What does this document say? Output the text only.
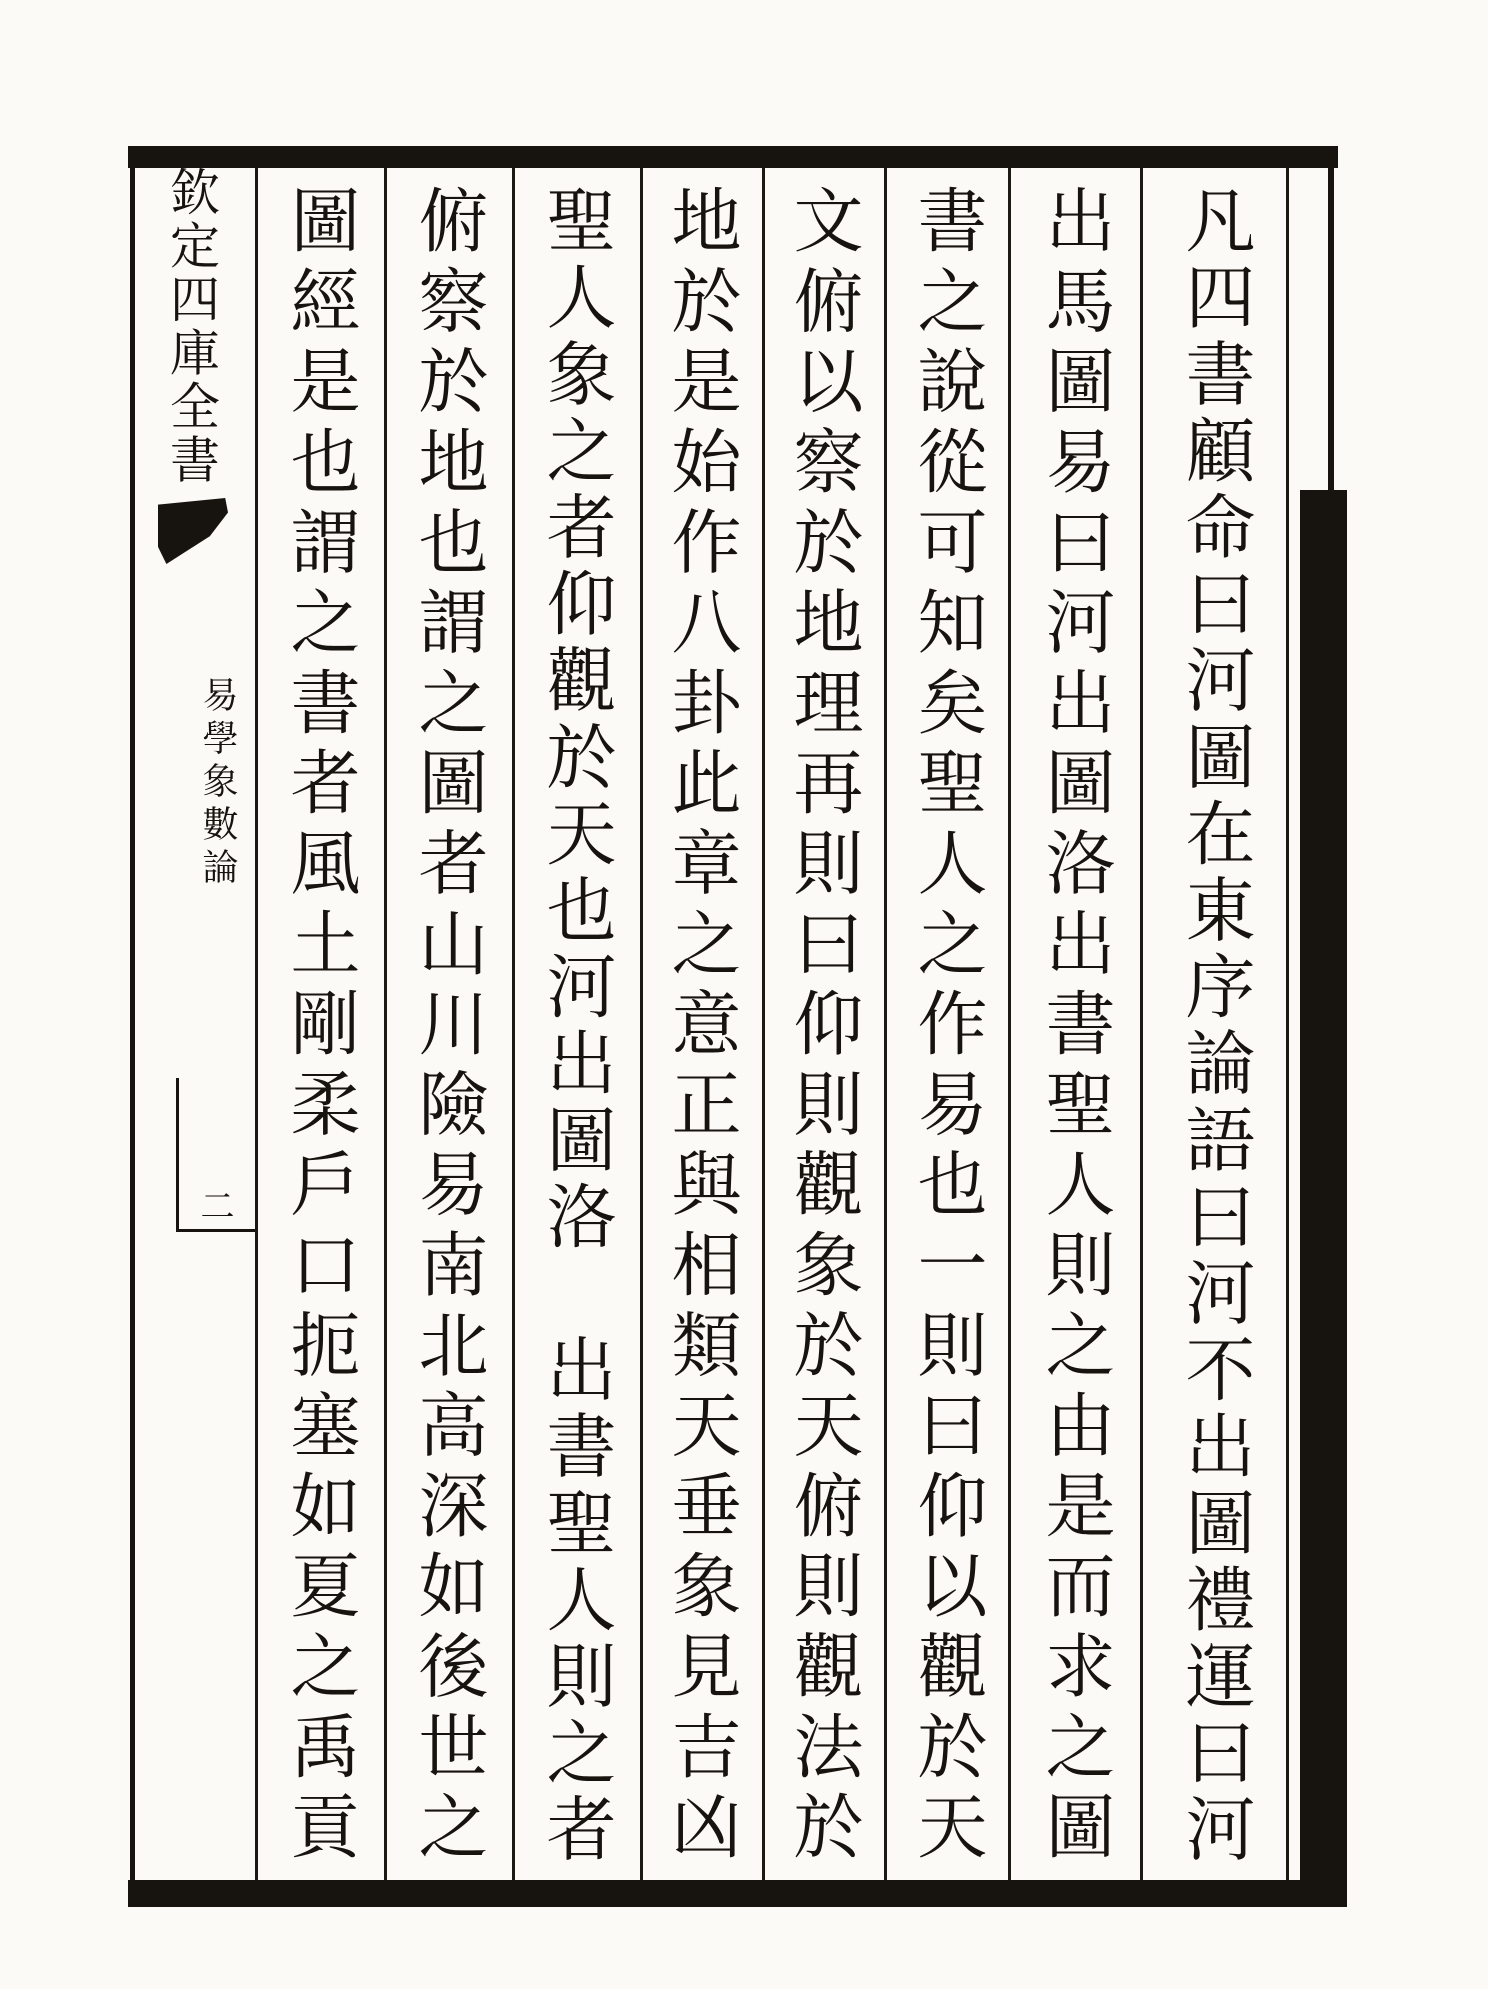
凡四書顧命曰河圖在東序論語曰河不出圖禮運曰河
出馬圖易曰河出圖洛出書聖人則之由是而求之圖
書之說從可知矣聖人之作易也一則曰仰以觀於天
文俯以察於地理再則曰仰則觀象於天俯則觀法於
地於是始作八卦此章之意正與相類天垂象見吉凶
聖人象之者仰觀於天也河出圖洛　出書聖人則之者
俯察於地也謂之圖者山川險易南北高深如後世之
圖經是也謂之書者風土剛柔戶口扼塞如夏之禹貢
欽定四庫全書
易學象數論
二
